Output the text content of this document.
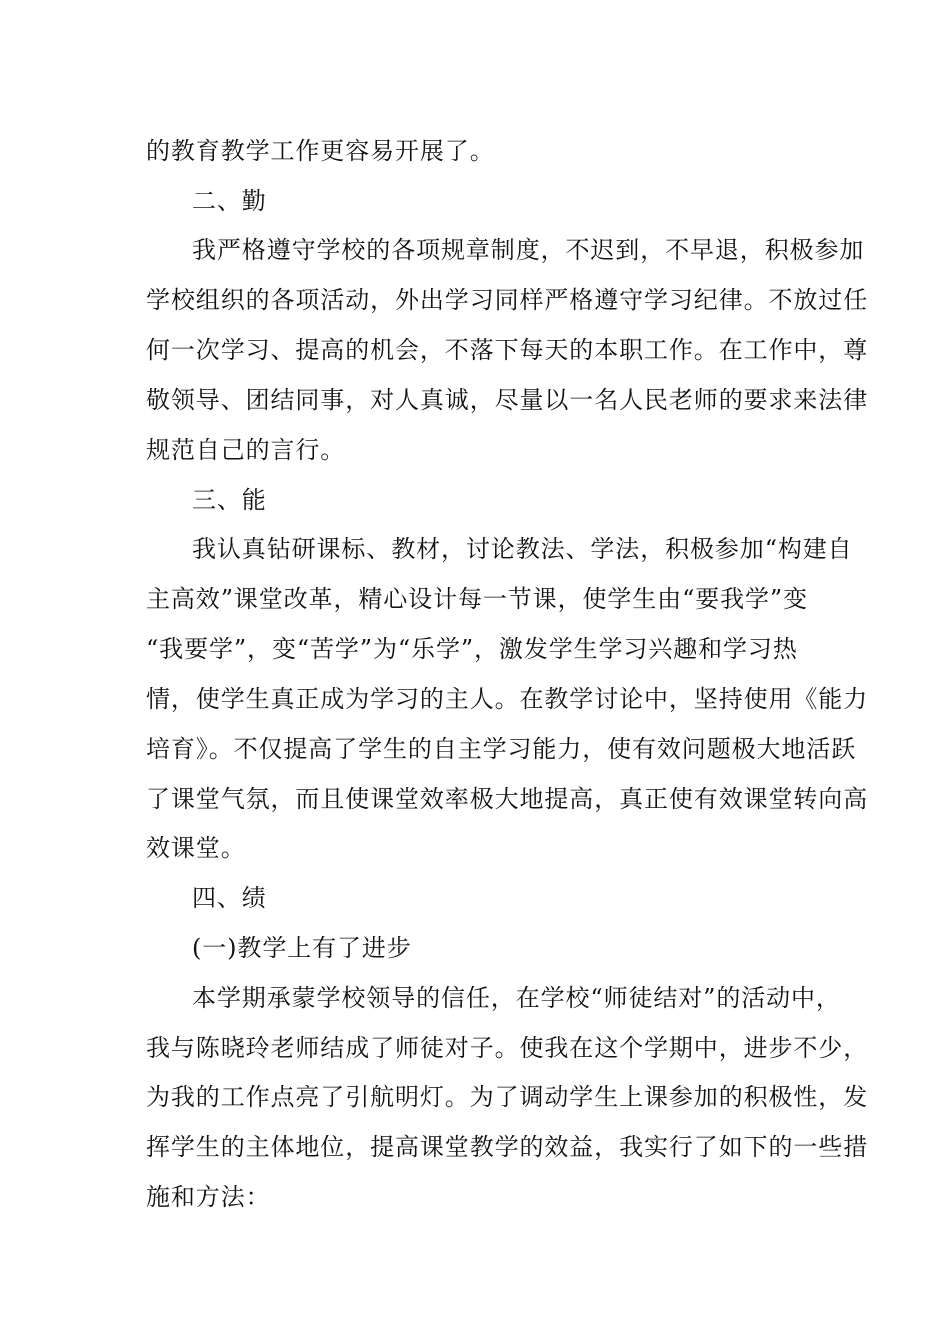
的教育教学工作更容易开展了。
二、勤
我严格遵守学校的各项规章制度，不迟到，不早退，积极参加
学校组织的各项活动，外出学习同样严格遵守学习纪律。不放过任
何一次学习、提高的机会，不落下每天的本职工作。在工作中，尊
敬领导、团结同事，对人真诚，尽量以一名人民老师的要求来法律
规范自己的言行。
三、能
我认真钻研课标、教材，讨论教法、学法，积极参加“构建自
主高效”课堂改革，精心设计每一节课，使学生由“要我学”变
“我要学”，变“苦学”为“乐学”，激发学生学习兴趣和学习热
情，使学生真正成为学习的主人。在教学讨论中，坚持使用《能力
培育》。不仅提高了学生的自主学习能力，使有效问题极大地活跃
了课堂气氛，而且使课堂效率极大地提高，真正使有效课堂转向高
效课堂。
四、绩
(一)教学上有了进步
本学期承蒙学校领导的信任，在学校“师徒结对”的活动中，
我与陈晓玲老师结成了师徒对子。使我在这个学期中，进步不少，
为我的工作点亮了引航明灯。为了调动学生上课参加的积极性，发
挥学生的主体地位，提高课堂教学的效益，我实行了如下的一些措
施和方法：
